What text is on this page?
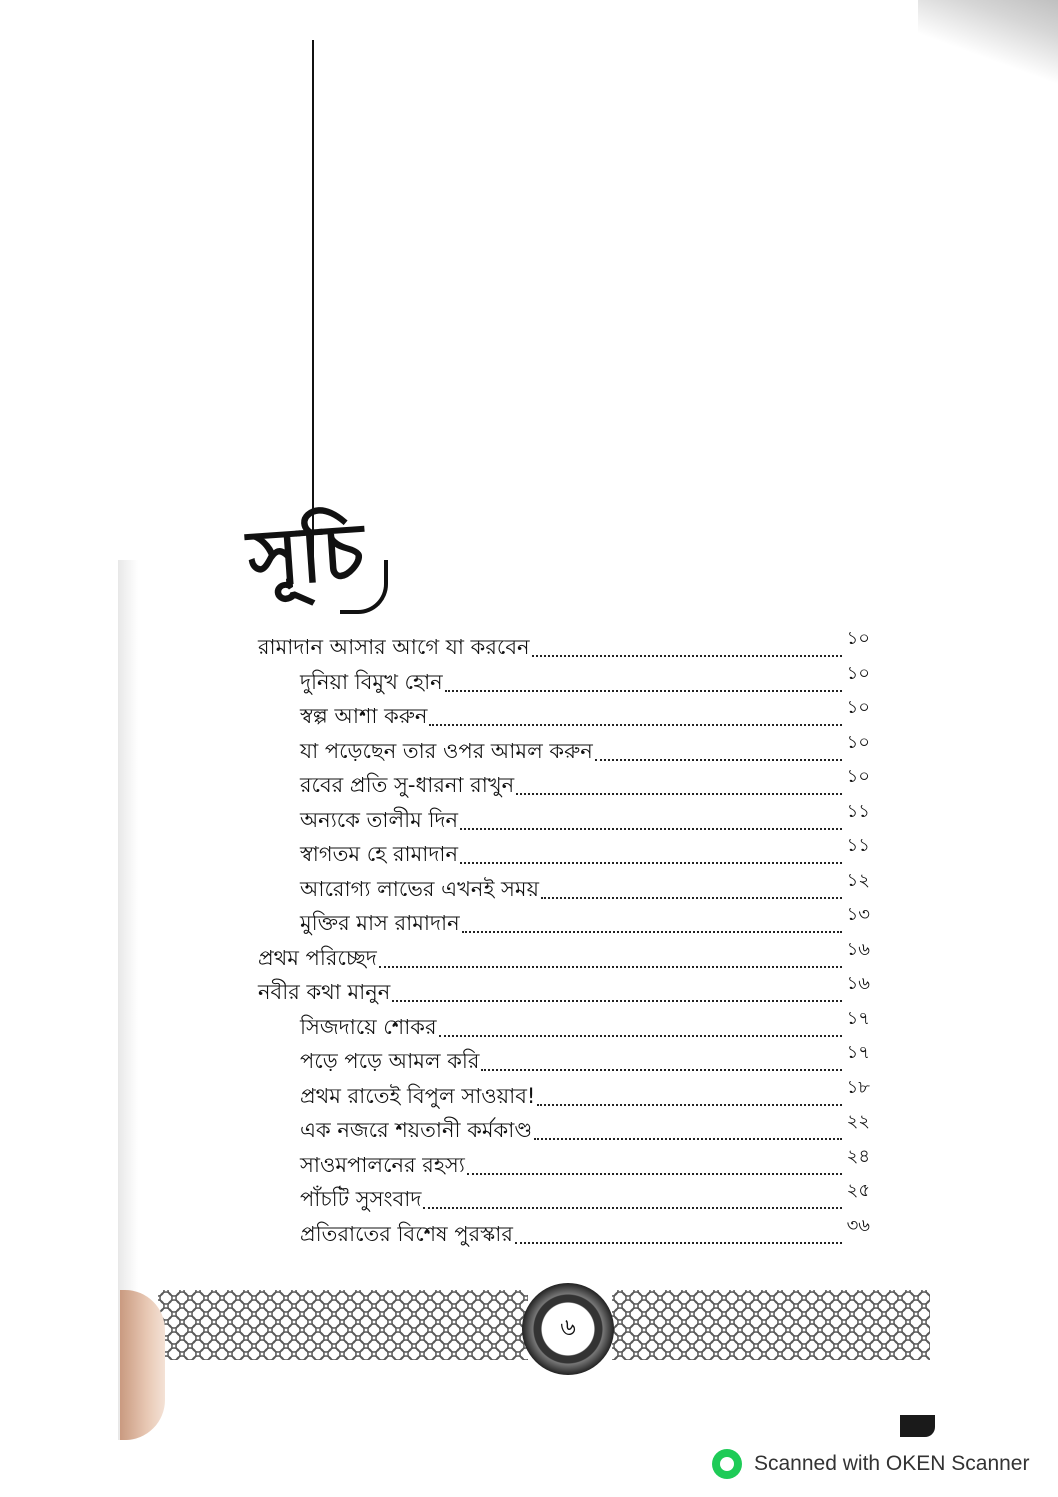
সূচি
রামাদান আসার আগে যা করবেন	১০
দুনিয়া বিমুখ হোন	১০
স্বল্প আশা করুন	১০
যা পড়েছেন তার ওপর আমল করুন	১০
রবের প্রতি সু-ধারনা রাখুন	১০
অন্যকে তালীম দিন	১১
স্বাগতম হে রামাদান	১১
আরোগ্য লাভের এখনই সময়	১২
মুক্তির মাস রামাদান	১৩
প্রথম পরিচ্ছেদ	১৬
নবীর কথা মানুন	১৬
সিজদায়ে শোকর	১৭
পড়ে পড়ে আমল করি	১৭
প্রথম রাতেই বিপুল সাওয়াব!	১৮
এক নজরে শয়তানী কর্মকাণ্ড	২২
সাওমপালনের রহস্য	২৪
পাঁচটি সুসংবাদ	২৫
প্রতিরাতের বিশেষ পুরস্কার	৩৬
৬
Scanned with OKEN Scanner
